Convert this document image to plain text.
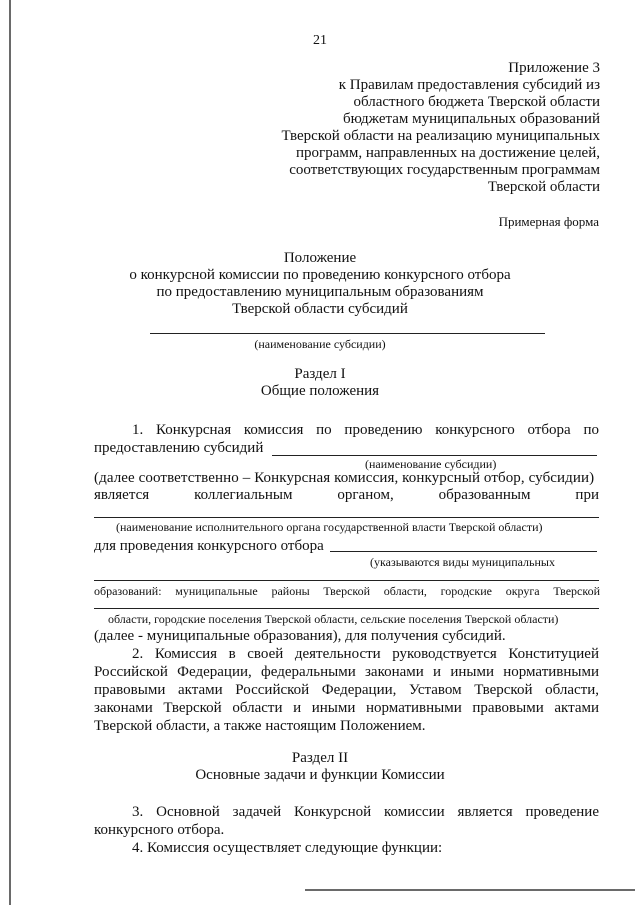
21
Приложение 3
к Правилам предоставления субсидий из
областного бюджета Тверской области
бюджетам муниципальных образований
Тверской области на реализацию муниципальных
программ, направленных на достижение целей,
соответствующих государственным программам
Тверской области
Примерная форма
Положение
о конкурсной комиссии по проведению конкурсного отбора
по предоставлению муниципальным образованиям
Тверской области субсидий
(наименование субсидии)
Раздел I
Общие положения
1. Конкурсная комиссия по проведению конкурсного отбора по
предоставлению субсидий
(наименование субсидии)
(далее соответственно – Конкурсная комиссия, конкурсный отбор, субсидии)
является коллегиальным органом, образованным при
(наименование исполнительного органа государственной власти Тверской области)
для проведения конкурсного отбора
(указываются виды муниципальных
образований: муниципальные районы Тверской области, городские округа Тверской
области, городские поселения Тверской области, сельские поселения Тверской области)
(далее - муниципальные образования), для получения субсидий.
2. Комиссия в своей деятельности руководствуется Конституцией
Российской Федерации, федеральными законами и иными нормативными
правовыми актами Российской Федерации, Уставом Тверской области,
законами Тверской области и иными нормативными правовыми актами
Тверской области, а также настоящим Положением.
Раздел II
Основные задачи и функции Комиссии
3. Основной задачей Конкурсной комиссии является проведение
конкурсного отбора.
4. Комиссия осуществляет следующие функции:
